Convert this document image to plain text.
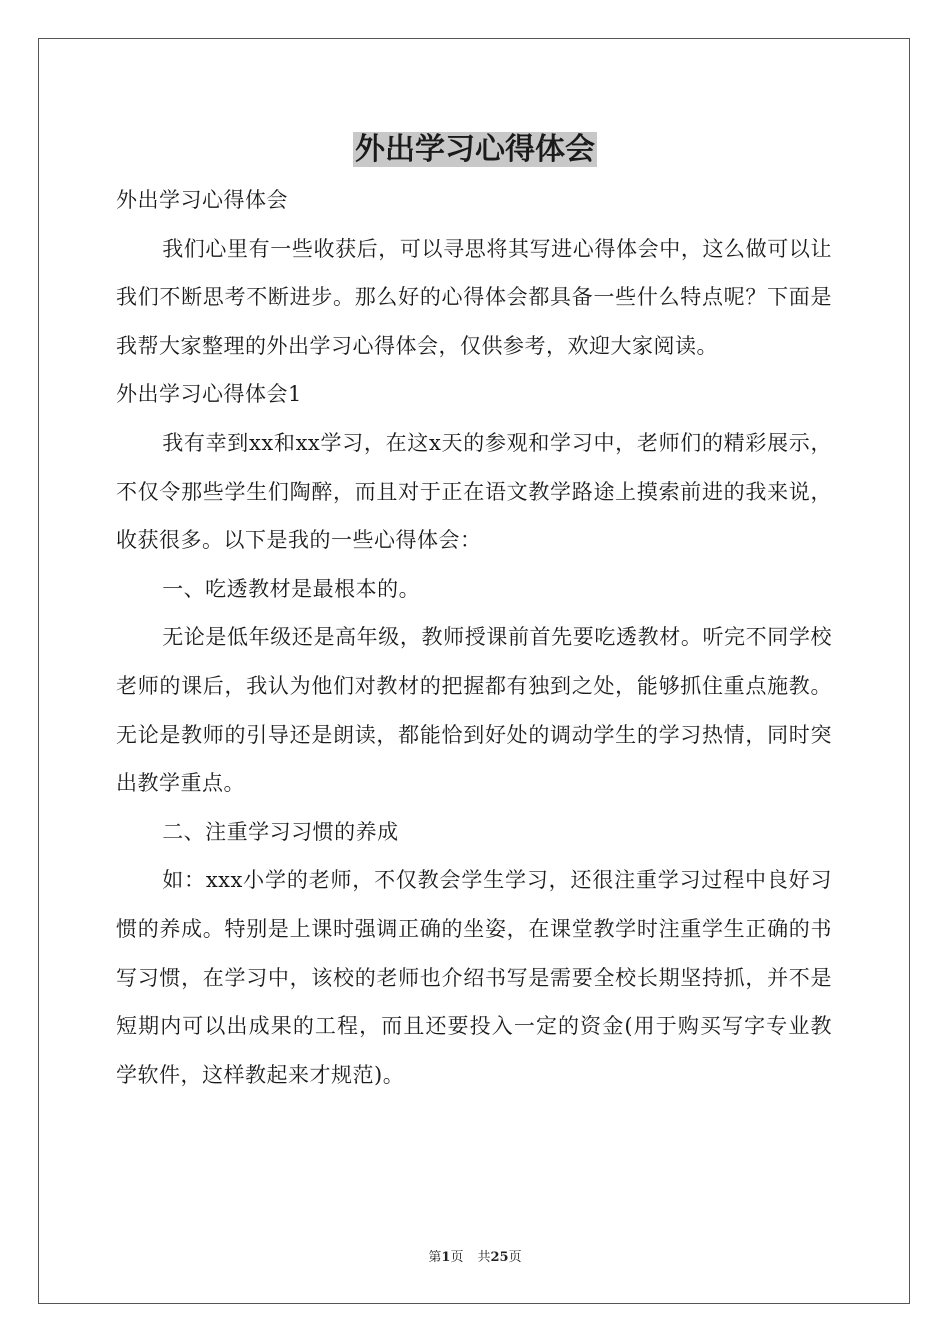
外出学习心得体会

外出学习心得体会

我们心里有一些收获后，可以寻思将其写进心得体会中，这么做可以让我们不断思考不断进步。那么好的心得体会都具备一些什么特点呢？下面是我帮大家整理的外出学习心得体会，仅供参考，欢迎大家阅读。

外出学习心得体会1

我有幸到xx和xx学习，在这x天的参观和学习中，老师们的精彩展示，不仅令那些学生们陶醉，而且对于正在语文教学路途上摸索前进的我来说，收获很多。以下是我的一些心得体会：

一、吃透教材是最根本的。

无论是低年级还是高年级，教师授课前首先要吃透教材。听完不同学校老师的课后，我认为他们对教材的把握都有独到之处，能够抓住重点施教。无论是教师的引导还是朗读，都能恰到好处的调动学生的学习热情，同时突出教学重点。

二、注重学习习惯的养成

如：xxx小学的老师，不仅教会学生学习，还很注重学习过程中良好习惯的养成。特别是上课时强调正确的坐姿，在课堂教学时注重学生正确的书写习惯，在学习中，该校的老师也介绍书写是需要全校长期坚持抓，并不是短期内可以出成果的工程，而且还要投入一定的资金(用于购买写字专业教学软件，这样教起来才规范)。

第1页 共25页
